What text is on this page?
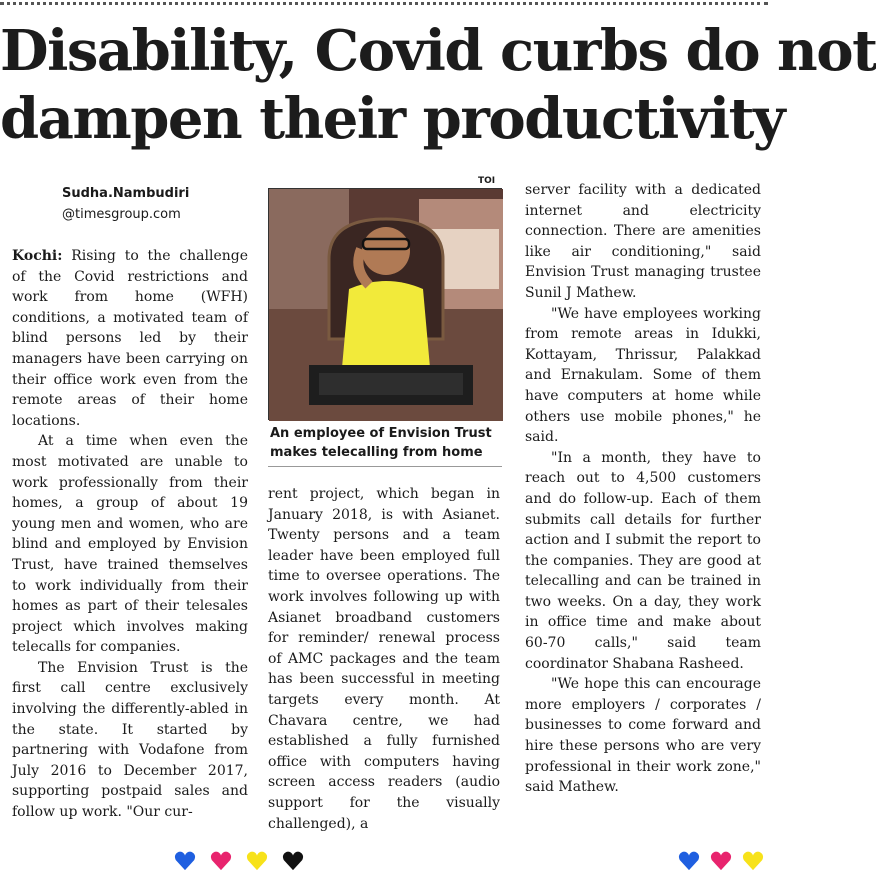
Disability, Covid curbs do not
dampen their productivity
Sudha.Nambudiri
@timesgroup.com

Kochi: Rising to the challenge of the Covid restrictions and work from home (WFH) conditions, a motivated team of blind persons led by their managers have been carrying on their office work even from the remote areas of their home locations.

At a time when even the most motivated are unable to work professionally from their homes, a group of about 19 young men and women, who are blind and employed by Envision Trust, have trained themselves to work individually from their homes as part of their telesales project which involves making telecalls for companies.

The Envision Trust is the first call centre exclusively involving the differently-abled in the state. It started by partnering with Vodafone from July 2016 to December 2017, supporting postpaid sales and follow up work. "Our cur-

TOI
An employee of Envision Trust
makes telecalling from home

rent project, which began in January 2018, is with Asianet. Twenty persons and a team leader have been employed full time to oversee operations. The work involves following up with Asianet broadband customers for reminder/ renewal process of AMC packages and the team has been successful in meeting targets every month. At Chavara centre, we had established a fully furnished office with computers having screen access readers (audio support for the visually challenged), a

server facility with a dedicated internet and electricity connection. There are amenities like air conditioning," said Envision Trust managing trustee Sunil J Mathew.

"We have employees working from remote areas in Idukki, Kottayam, Thrissur, Palakkad and Ernakulam. Some of them have computers at home while others use mobile phones," he said.

"In a month, they have to reach out to 4,500 customers and do follow-up. Each of them submits call details for further action and I submit the report to the companies. They are good at telecalling and can be trained in two weeks. On a day, they work in office time and make about 60-70 calls," said team coordinator Shabana Rasheed.

"We hope this can encourage more employers / corporates / businesses to come forward and hire these persons who are very professional in their work zone," said Mathew.
